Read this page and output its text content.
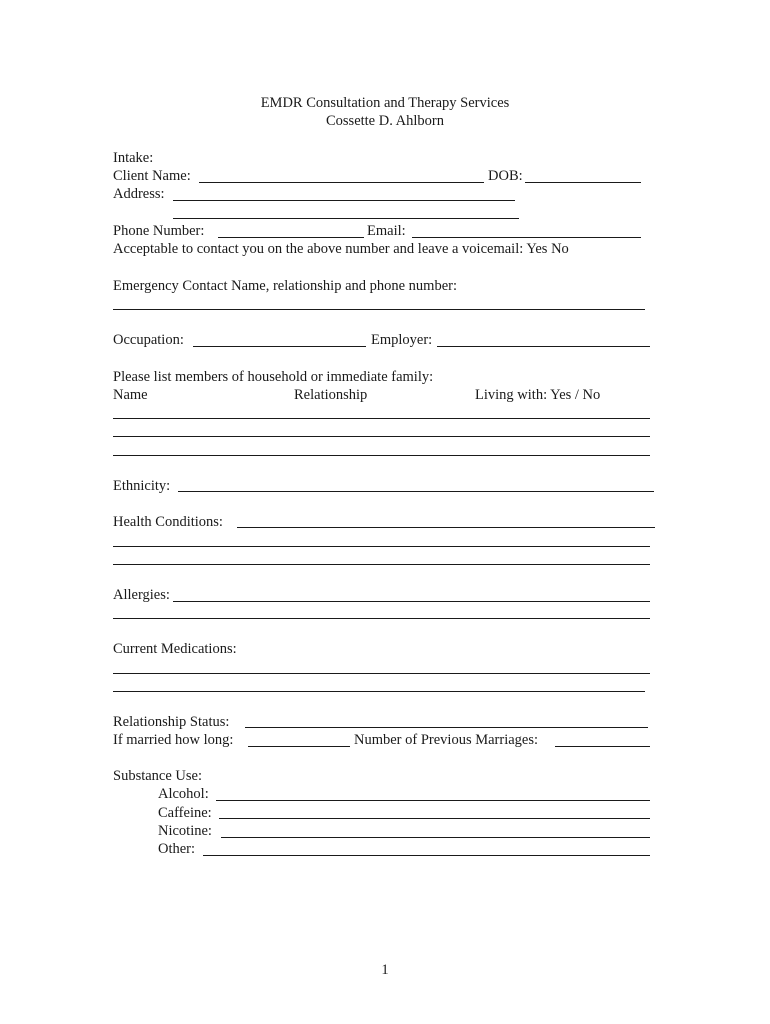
EMDR Consultation and Therapy Services
Cossette D. Ahlborn
Intake:
Client Name:	DOB:
Address:
Phone Number:	Email:
Acceptable to contact you on the above number and leave a voicemail: Yes No
Emergency Contact Name, relationship and phone number:
Occupation:	Employer:
Please list members of household or immediate family:
Name	Relationship	Living with: Yes / No
Ethnicity:
Health Conditions:
Allergies:
Current Medications:
Relationship Status:
If married how long:	Number of Previous Marriages:
Substance Use:
Alcohol:
Caffeine:
Nicotine:
Other:
1
